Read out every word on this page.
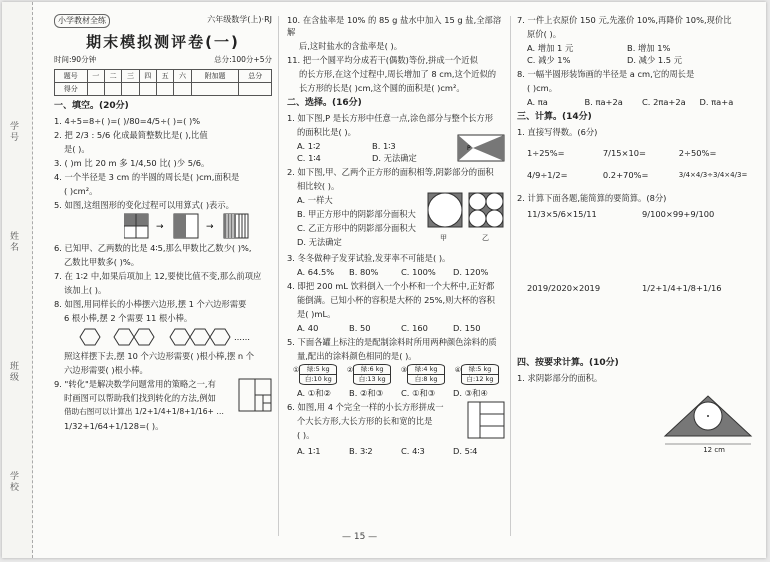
学号
姓名
班级
学校
小学教材全练	六年级数学(上)·RJ
期末模拟测评卷(一)
时间:90分钟	总分:100分+5分
题号	一	二	三	四	五	六	附加题	总分
得分								
一、填空。(20分)
1. 4÷5=8÷( )=( )/80=4/5÷( )=( )%
2. 把 2/3 : 5/6 化成最简整数比是( ),比值
是( )。
3. ( )m 比 20 m 多 1/4,50 比( )少 5/6。
4. 一个半径是 3 cm 的半圆的周长是( )cm,面积是
( )cm²。
5. 如图,这组图形的变化过程可以用算式( )表示。
→	→
6. 已知甲、乙两数的比是 4∶5,那么甲数比乙数少( )%,
乙数比甲数多( )%。
7. 在 1∶2 中,如果后项加上 12,要使比值不变,那么前项应
该加上( )。
8. 如图,用同样长的小棒摆六边形,摆 1 个六边形需要
6 根小棒,摆 2 个需要 11 根小棒。
……
照这样摆下去,摆 10 个六边形需要( )根小棒,摆 n 个
六边形需要( )根小棒。
9. "转化"是解决数学问题常用的策略之一,有
时画图可以帮助我们找到转化的方法,例如
借助右图可以计算出 1/2+1/4+1/8+1/16+ …
1/32+1/64+1/128=( )。
10. 在含盐率是 10% 的 85 g 盐水中加入 15 g 盐,全部溶解
后,这时盐水的含盐率是( )。
11. 把一个圆平均分成若干(偶数)等份,拼成一个近似
的长方形,在这个过程中,周长增加了 8 cm,这个近似的
长方形的长是( )cm,这个圆的面积是( )cm²。
二、选择。(16分)
1. 如下图,P 是长方形中任意一点,涂色部分与整个长方形
的面积比是( )。
A. 1∶2	B. 1∶3
C. 1∶4	D. 无法确定
P
2. 如下图,甲、乙两个正方形的面积相等,阴影部分的面积
相比较( )。
A. 一样大
B. 甲正方形中的阴影部分面积大
C. 乙正方形中的阴影部分面积大
D. 无法确定	甲	乙
3. 冬冬做种子发芽试验,发芽率不可能是( )。
A. 64.5%	B. 80%	C. 100%	D. 120%
4. 即把 200 mL 饮料倒入一个小杯和一个大杯中,正好都
能倒满。已知小杯的容积是大杯的 25%,则大杯的容积
是( )mL。
A. 40	B. 50	C. 160	D. 150
5. 下面各罐上标注的是配制涂料时所用两种颜色涂料的质
量,配出的涂料颜色相同的是( )。
①	绿:5 kg
白:10 kg
②	绿:6 kg
白:13 kg
③	绿:4 kg
白:8 kg
④	绿:5 kg
白:12 kg
A. ①和②	B. ②和③	C. ①和③	D. ③和④
6. 如图,用 4 个完全一样的小长方形拼成一
个大长方形,大长方形的长和宽的比是
( )。
A. 1∶1	B. 3∶2	C. 4∶3	D. 5∶4
7. 一件上衣原价 150 元,先涨价 10%,再降价 10%,现价比
原价( )。
A. 增加 1 元	B. 增加 1%
C. 减少 1%	D. 减少 1.5 元
8. 一幅半圆形装饰画的半径是 a cm,它的周长是
( )cm。
A. πa	B. πa+2a	C. 2πa+2a	D. πa+a
三、计算。(14分)
1. 直接写得数。(6分)
1÷25%=	7/15×10=	2÷50%=
4/9÷1/2=	0.2+70%=	3/4×4/3÷3/4×4/3=
2. 计算下面各题,能简算的要简算。(8分)
11/3×5/6×15/11	9/100×99+9/100
2019/2020×2019	1/2+1/4+1/8+1/16
四、按要求计算。(10分)
1. 求阴影部分的面积。
12 cm
— 15 —
